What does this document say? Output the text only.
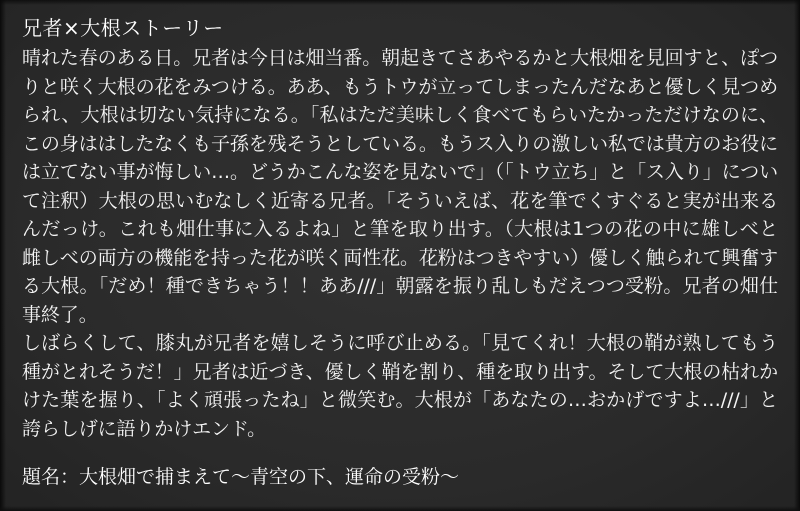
兄者×大根ストーリー

晴れた春のある日。兄者は今日は畑当番。朝起きてさあやるかと大根畑を見回すと、ぽつりと咲く大根の花をみつける。ああ、もうトウが立ってしまったんだなあと優しく見つめられ、大根は切ない気持になる。「私はただ美味しく食べてもらいたかっただけなのに、この身ははしたなくも子孫を残そうとしている。もうス入りの激しい私では貴方のお役には立てない事が悔しい…。どうかこんな姿を見ないで」（「トウ立ち」と「ス入り」について注釈）大根の思いむなしく近寄る兄者。「そういえば、花を筆でくすぐると実が出来るんだっけ。これも畑仕事に入るよね」と筆を取り出す。（大根は1つの花の中に雄しべと雌しべの両方の機能を持った花が咲く両性花。花粉はつきやすい）優しく触られて興奮する大根。「だめ！種できちゃう！！ああ///」朝露を振り乱しもだえつつ受粉。兄者の畑仕事終了。

しばらくして、膝丸が兄者を嬉しそうに呼び止める。「見てくれ！大根の鞘が熟してもう種がとれそうだ！」兄者は近づき、優しく鞘を割り、種を取り出す。そして大根の枯れかけた葉を握り、「よく頑張ったね」と微笑む。大根が「あなたの…おかげですよ…///」と誇らしげに語りかけエンド。

題名：大根畑で捕まえて〜青空の下、運命の受粉〜
